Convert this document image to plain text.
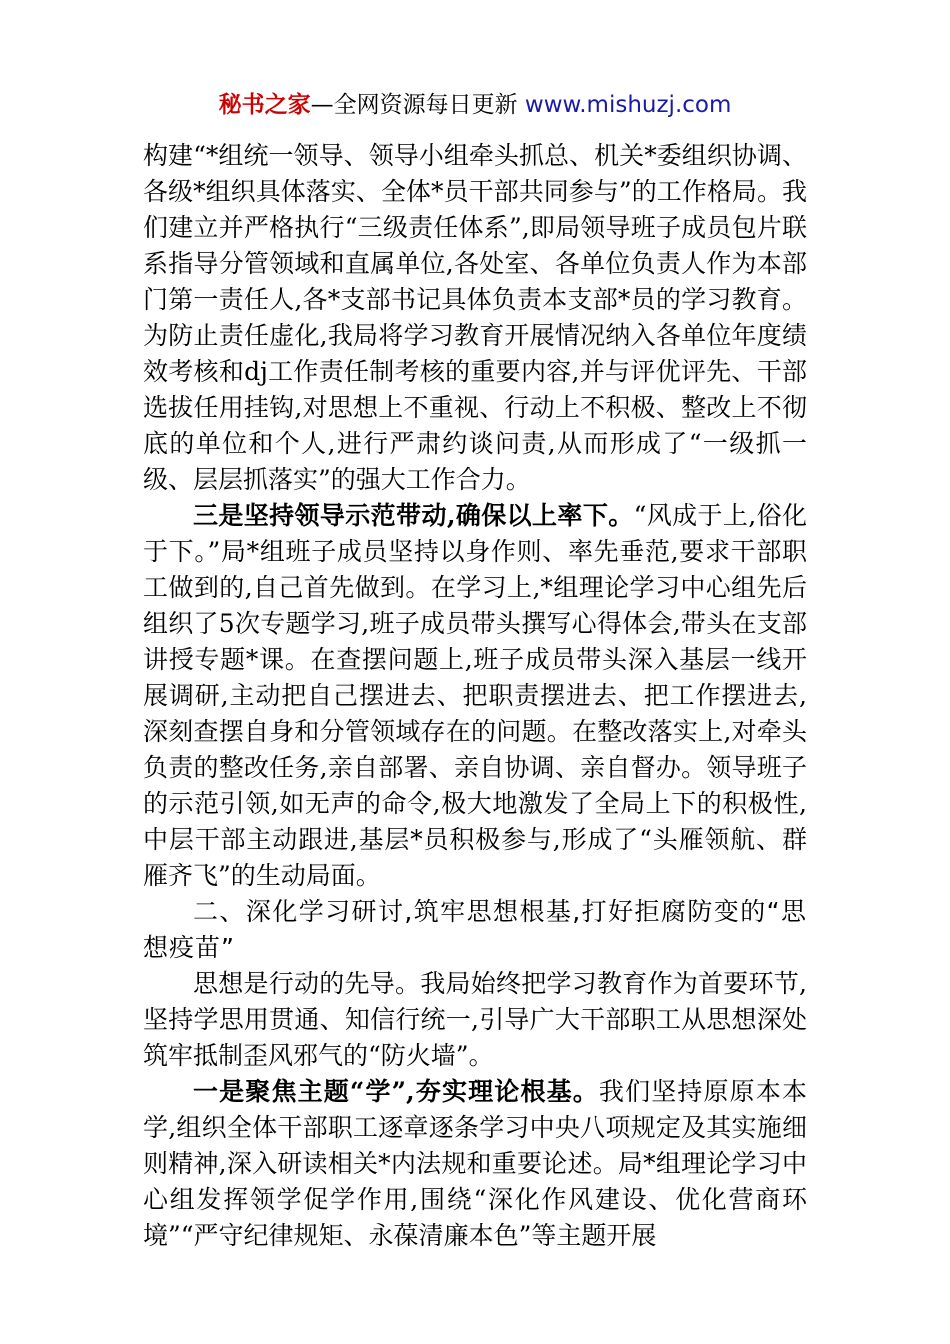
秘书之家—全网资源每日更新 www.mishuzj.com

构建“*组统一领导、领导小组牵头抓总、机关*委组织协调、各级*组织具体落实、全体*员干部共同参与”的工作格局。我们建立并严格执行“三级责任体系”,即局领导班子成员包片联系指导分管领域和直属单位,各处室、各单位负责人作为本部门第一责任人,各*支部书记具体负责本支部*员的学习教育。为防止责任虚化,我局将学习教育开展情况纳入各单位年度绩效考核和dj工作责任制考核的重要内容,并与评优评先、干部选拔任用挂钩,对思想上不重视、行动上不积极、整改上不彻底的单位和个人,进行严肃约谈问责,从而形成了“一级抓一级、层层抓落实”的强大工作合力。

三是坚持领导示范带动,确保以上率下。“风成于上,俗化于下。”局*组班子成员坚持以身作则、率先垂范,要求干部职工做到的,自己首先做到。在学习上,*组理论学习中心组先后组织了5次专题学习,班子成员带头撰写心得体会,带头在支部讲授专题*课。在查摆问题上,班子成员带头深入基层一线开展调研,主动把自己摆进去、把职责摆进去、把工作摆进去,深刻查摆自身和分管领域存在的问题。在整改落实上,对牵头负责的整改任务,亲自部署、亲自协调、亲自督办。领导班子的示范引领,如无声的命令,极大地激发了全局上下的积极性,中层干部主动跟进,基层*员积极参与,形成了“头雁领航、群雁齐飞”的生动局面。

二、深化学习研讨,筑牢思想根基,打好拒腐防变的“思想疫苗”

思想是行动的先导。我局始终把学习教育作为首要环节,坚持学思用贯通、知信行统一,引导广大干部职工从思想深处筑牢抵制歪风邪气的“防火墙”。

一是聚焦主题“学”,夯实理论根基。我们坚持原原本本学,组织全体干部职工逐章逐条学习中央八项规定及其实施细则精神,深入研读相关*内法规和重要论述。局*组理论学习中心组发挥领学促学作用,围绕“深化作风建设、优化营商环境”“严守纪律规矩、永葆清廉本色”等主题开展
